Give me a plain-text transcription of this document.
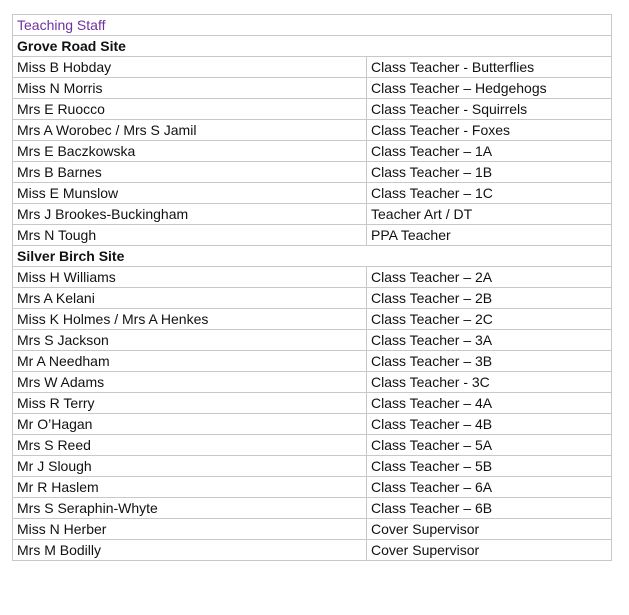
Teaching Staff	
Grove Road Site	
Miss B Hobday	Class Teacher - Butterflies
Miss N Morris	Class Teacher – Hedgehogs
Mrs E Ruocco	Class Teacher - Squirrels
Mrs A Worobec / Mrs S Jamil	Class Teacher - Foxes
Mrs E Baczkowska	Class Teacher – 1A
Mrs B Barnes	Class Teacher – 1B
Miss E Munslow	Class Teacher – 1C
Mrs J Brookes-Buckingham	Teacher Art / DT
Mrs N Tough	PPA Teacher
Silver Birch Site	
Miss H Williams	Class Teacher – 2A
Mrs A Kelani	Class Teacher – 2B
Miss K Holmes / Mrs A Henkes	Class Teacher – 2C
Mrs S Jackson	Class Teacher – 3A
Mr A Needham	Class Teacher – 3B
Mrs W Adams	Class Teacher - 3C
Miss R Terry	Class Teacher – 4A
Mr O’Hagan	Class Teacher – 4B
Mrs S Reed	Class Teacher – 5A
Mr J Slough	Class Teacher – 5B
Mr R Haslem	Class Teacher – 6A
Mrs S Seraphin-Whyte	Class Teacher – 6B
Miss N Herber	Cover Supervisor
Mrs M Bodilly	Cover Supervisor
